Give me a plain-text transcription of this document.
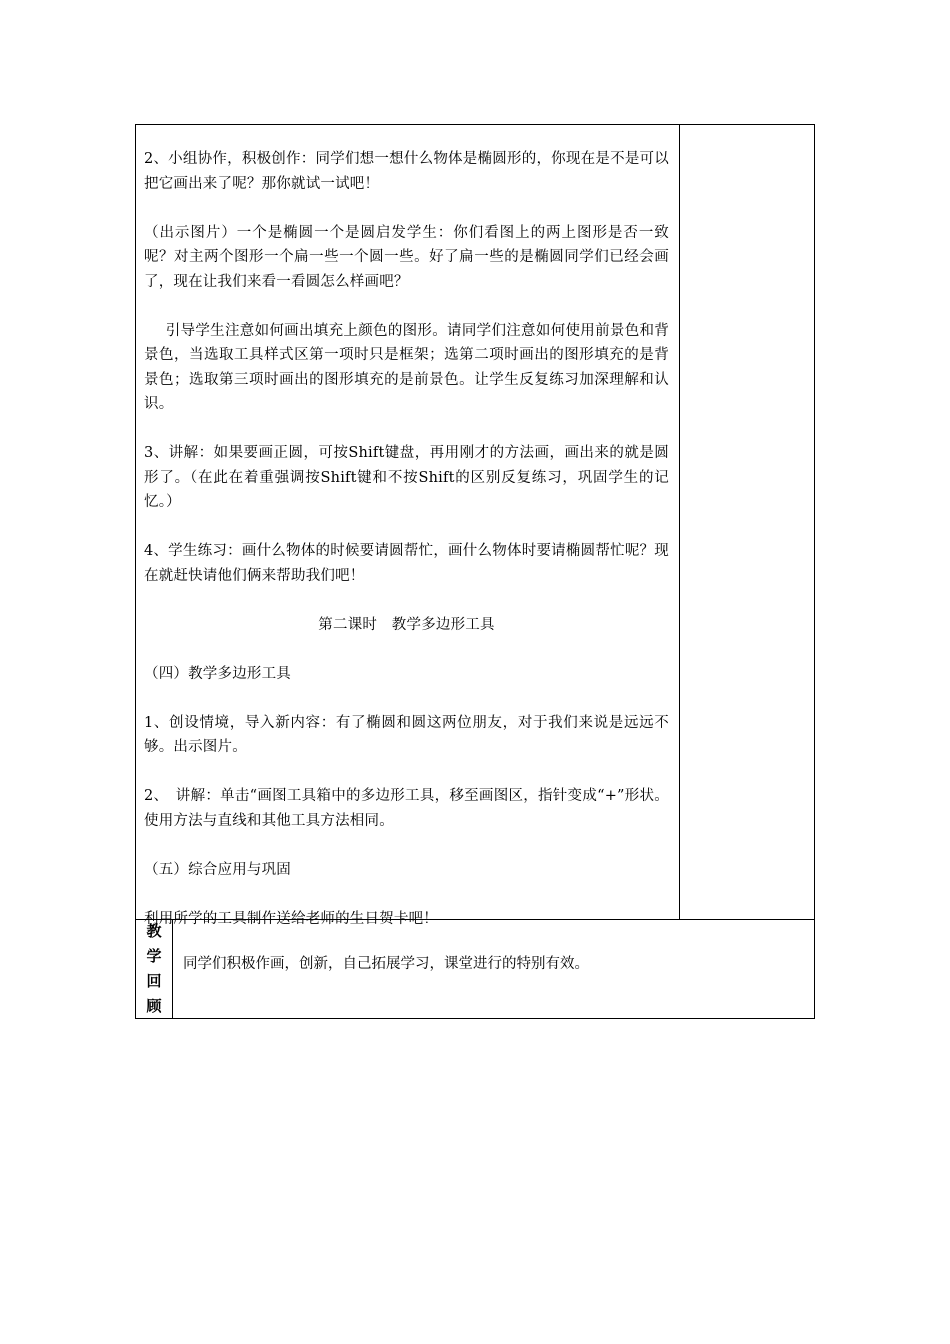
2、小组协作，积极创作：同学们想一想什么物体是椭圆形的，你现在是不是可以把它画出来了呢？那你就试一试吧！

（出示图片）一个是椭圆一个是圆启发学生：你们看图上的两上图形是否一致呢？对主两个图形一个扁一些一个圆一些。好了扁一些的是椭圆同学们已经会画了，现在让我们来看一看圆怎么样画吧？

引导学生注意如何画出填充上颜色的图形。请同学们注意如何使用前景色和背景色，当选取工具样式区第一项时只是框架；选第二项时画出的图形填充的是背景色；选取第三项时画出的图形填充的是前景色。让学生反复练习加深理解和认识。

3、讲解：如果要画正圆，可按Shift键盘，再用刚才的方法画，画出来的就是圆形了。（在此在着重强调按Shift键和不按Shift的区别反复练习，巩固学生的记忆。）

4、学生练习：画什么物体的时候要请圆帮忙，画什么物体时要请椭圆帮忙呢？现在就赶快请他们俩来帮助我们吧！

第二课时　教学多边形工具

（四）教学多边形工具

1、创设情境，导入新内容：有了椭圆和圆这两位朋友，对于我们来说是远远不够。出示图片。

2、　讲解：单击“画图工具箱中的多边形工具，移至画图区，指针变成“+”形状。使用方法与直线和其他工具方法相同。

（五）综合应用与巩固

利用所学的工具制作送给老师的生日贺卡吧！

教
学
回
顾
同学们积极作画，创新，自己拓展学习，课堂进行的特别有效。
